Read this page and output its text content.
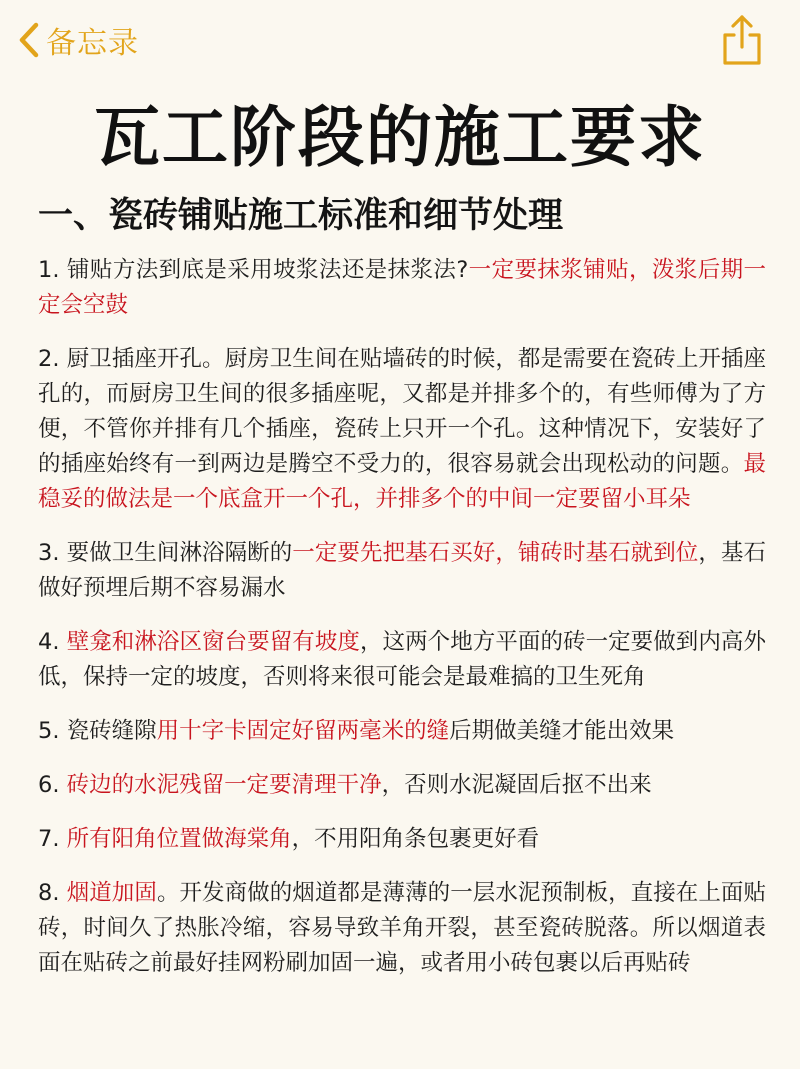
备忘录
瓦工阶段的施工要求
一、瓷砖铺贴施工标准和细节处理

1. 铺贴方法到底是采用坡浆法还是抹浆法?一定要抹浆铺贴，泼浆后期一定会空鼓

2. 厨卫插座开孔。厨房卫生间在贴墙砖的时候，都是需要在瓷砖上开插座孔的，而厨房卫生间的很多插座呢，又都是并排多个的，有些师傅为了方便，不管你并排有几个插座，瓷砖上只开一个孔。这种情况下，安装好了的插座始终有一到两边是腾空不受力的，很容易就会出现松动的问题。最稳妥的做法是一个底盒开一个孔，并排多个的中间一定要留小耳朵

3. 要做卫生间淋浴隔断的一定要先把基石买好，铺砖时基石就到位，基石做好预埋后期不容易漏水

4. 壁龛和淋浴区窗台要留有坡度，这两个地方平面的砖一定要做到内高外低，保持一定的坡度，否则将来很可能会是最难搞的卫生死角

5. 瓷砖缝隙用十字卡固定好留两毫米的缝后期做美缝才能出效果

6. 砖边的水泥残留一定要清理干净，否则水泥凝固后抠不出来

7. 所有阳角位置做海棠角，不用阳角条包裹更好看

8. 烟道加固。开发商做的烟道都是薄薄的一层水泥预制板，直接在上面贴砖，时间久了热胀冷缩，容易导致羊角开裂，甚至瓷砖脱落。所以烟道表面在贴砖之前最好挂网粉刷加固一遍，或者用小砖包裹以后再贴砖
